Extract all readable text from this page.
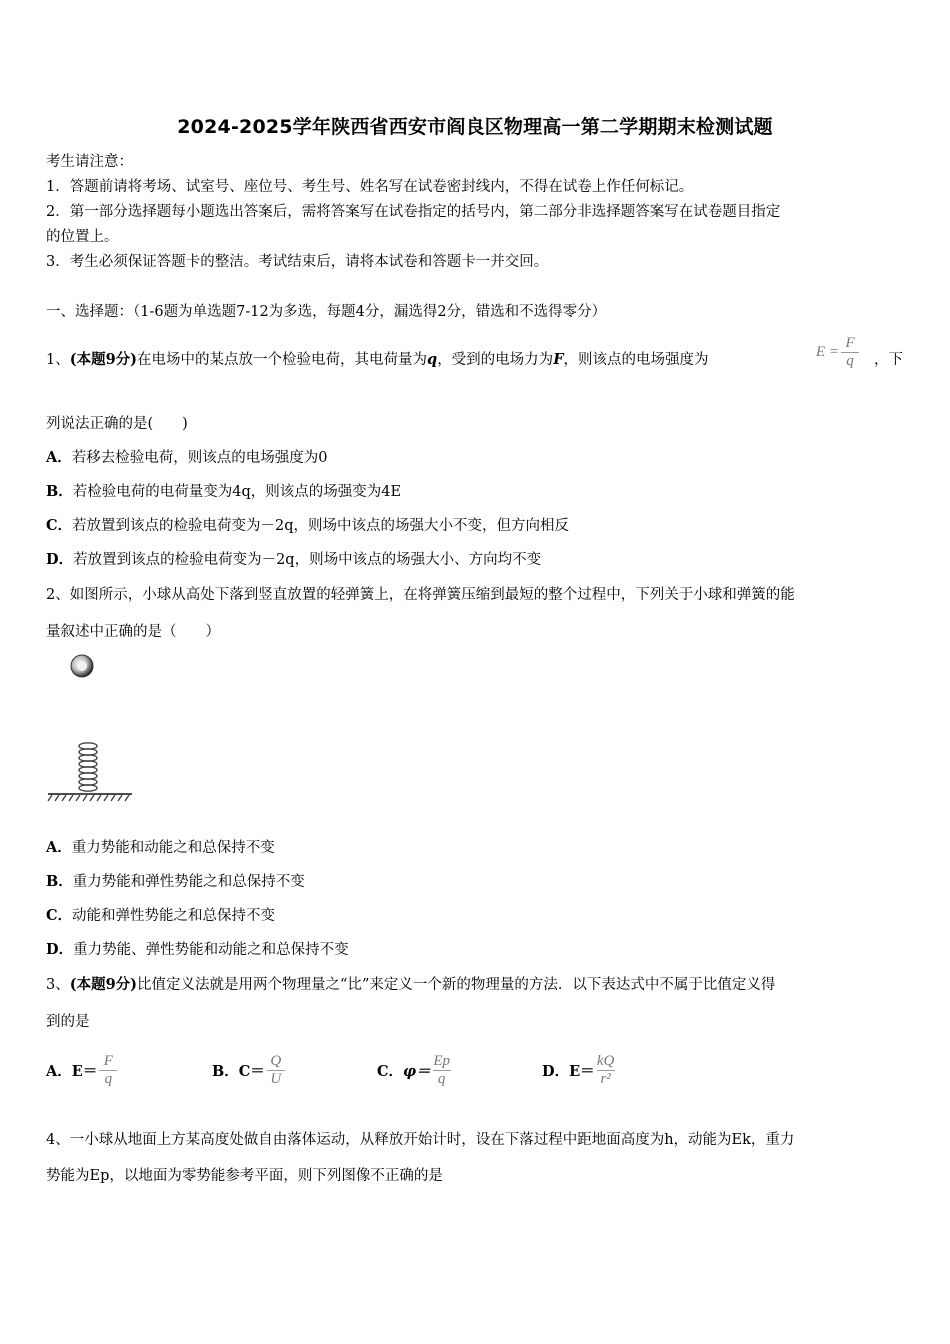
2024-2025学年陕西省西安市阎良区物理高一第二学期期末检测试题
考生请注意：
1．答题前请将考场、试室号、座位号、考生号、姓名写在试卷密封线内，不得在试卷上作任何标记。
2．第一部分选择题每小题选出答案后，需将答案写在试卷指定的括号内，第二部分非选择题答案写在试卷题目指定
的位置上。
3．考生必须保证答题卡的整洁。考试结束后，请将本试卷和答题卡一并交回。
一、选择题：（1-6题为单选题7-12为多选，每题4分，漏选得2分，错选和不选得零分）
1、(本题9分)在电场中的某点放一个检验电荷，其电荷量为q，受到的电场力为F，则该点的电场强度为
$E = \frac{F}{q}$ ，下
列说法正确的是(　　)
A．若移去检验电荷，则该点的电场强度为0
B．若检验电荷的电荷量变为4q，则该点的场强变为4E
C．若放置到该点的检验电荷变为－2q，则场中该点的场强大小不变，但方向相反
D．若放置到该点的检验电荷变为－2q，则场中该点的场强大小、方向均不变
2、如图所示，小球从高处下落到竖直放置的轻弹簧上，在将弹簧压缩到最短的整个过程中，下列关于小球和弹簧的能
量叙述中正确的是（　　）
A．重力势能和动能之和总保持不变
B．重力势能和弹性势能之和总保持不变
C．动能和弹性势能之和总保持不变
D．重力势能、弹性势能和动能之和总保持不变
3、(本题9分)比值定义法就是用两个物理量之“比”来定义一个新的物理量的方法．以下表达式中不属于比值定义得
到的是
A． $E= \frac{F}{q}$	B． $C= \frac{Q}{U}$	C． $\varphi= \frac{Ep}{q}$	D． $E= \frac{kQ}{\text{r²}}$
4、一小球从地面上方某高度处做自由落体运动，从释放开始计时，设在下落过程中距地面高度为h，动能为Ek，重力
势能为Ep，以地面为零势能参考平面，则下列图像不正确的是
